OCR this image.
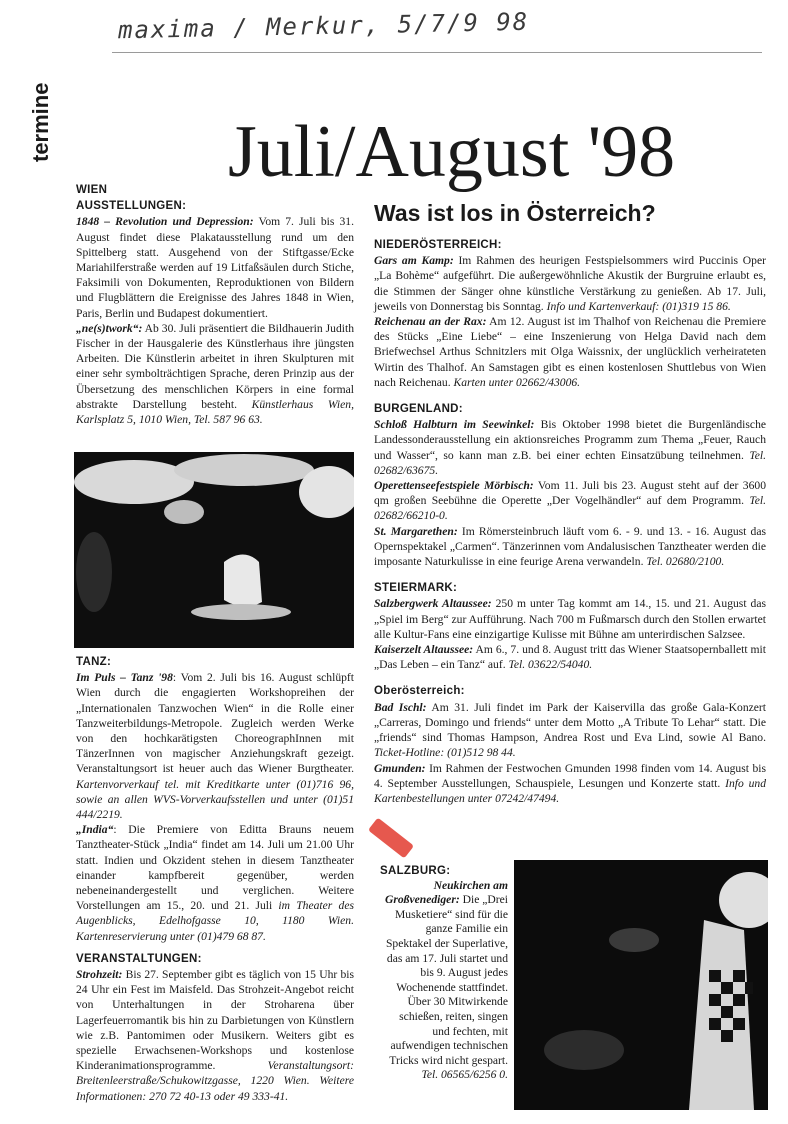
maxima / Merkur, 5/7/9 98
termine Juli/August '98
Was ist los in Österreich?
WIEN
AUSSTELLUNGEN:

1848 – Revolution und Depression: Vom 7. Juli bis 31. August findet diese Plakatausstellung rund um den Spittelberg statt. Ausgehend von der Stiftgasse/Ecke Mariahilferstraße werden auf 19 Litfaßsäulen durch Stiche, Faksimili von Dokumenten, Reproduktionen von Bildern und Flugblättern die Ereignisse des Jahres 1848 in Wien, Paris, Berlin und Budapest dokumentiert.

„ne(s)twork“: Ab 30. Juli präsentiert die Bildhauerin Judith Fischer in der Hausgalerie des Künstlerhaus ihre jüngsten Arbeiten. Die Künstlerin arbeitet in ihren Skulpturen mit einer sehr symbolträchtigen Sprache, deren Prinzip aus der Übersetzung des menschlichen Körpers in eine formal abstrakte Darstellung besteht. Künstlerhaus Wien, Karlsplatz 5, 1010 Wien, Tel. 587 96 63.

TANZ:

Im Puls – Tanz '98: Vom 2. Juli bis 16. August schlüpft Wien durch die engagierten Workshopreihen der „Internationalen Tanzwochen Wien“ in die Rolle einer Tanzweiterbildungs-Metropole. Zugleich werden Werke von den hochkarätigsten ChoreographInnen mit TänzerInnen von magischer Anziehungskraft gezeigt. Veranstaltungsort ist heuer auch das Wiener Burgtheater. Kartenvorverkauf tel. mit Kreditkarte unter (01)716 96, sowie an allen WVS-Vorverkaufsstellen und unter (01)51 444/2219.

„India“: Die Premiere von Editta Brauns neuem Tanztheater-Stück „India“ findet am 14. Juli um 21.00 Uhr statt. Indien und Okzident stehen in diesem Tanztheater einander kampfbereit gegenüber, werden nebeneinandergestellt und verglichen. Weitere Vorstellungen am 15., 20. und 21. Juli im Theater des Augenblicks, Edelhofgasse 10, 1180 Wien. Kartenreservierung unter (01)479 68 87.

VERANSTALTUNGEN:

Strohzeit: Bis 27. September gibt es täglich von 15 Uhr bis 24 Uhr ein Fest im Maisfeld. Das Strohzeit-Angebot reicht von Unterhaltungen in der Stroharena über Lagerfeuerromantik bis hin zu Darbietungen von Künstlern wie z.B. Pantomimen oder Musikern. Weiters gibt es spezielle Erwachsenen-Workshops und kostenlose Kinderanimationsprogramme. Veranstaltungsort: Breitenleerstraße/Schukowitzgasse, 1220 Wien. Weitere Informationen: 270 72 40-13 oder 49 333-41.

NIEDERÖSTERREICH:

Gars am Kamp: Im Rahmen des heurigen Festspielsommers wird Puccinis Oper „La Bohème“ aufgeführt. Die außergewöhnliche Akustik der Burgruine erlaubt es, die Stimmen der Sänger ohne künstliche Verstärkung zu genießen. Ab 17. Juli, jeweils von Donnerstag bis Sonntag. Info und Kartenverkauf: (01)319 15 86.

Reichenau an der Rax: Am 12. August ist im Thalhof von Reichenau die Premiere des Stücks „Eine Liebe“ – eine Inszenierung von Helga David nach dem Briefwechsel Arthus Schnitzlers mit Olga Waissnix, der unglücklich verheirateten Wirtin des Thalhof. An Samstagen gibt es einen kostenlosen Shuttlebus von Wien nach Reichenau. Karten unter 02662/43006.

BURGENLAND:

Schloß Halbturn im Seewinkel: Bis Oktober 1998 bietet die Burgenländische Landessonderausstellung ein aktionsreiches Programm zum Thema „Feuer, Rauch und Wasser“, so kann man z.B. bei einer echten Einsatzübung teilnehmen. Tel. 02682/63675.

Operettenseefestspiele Mörbisch: Vom 11. Juli bis 23. August steht auf der 3600 qm großen Seebühne die Operette „Der Vogelhändler“ auf dem Programm. Tel. 02682/66210-0.

St. Margarethen: Im Römersteinbruch läuft vom 6. - 9. und 13. - 16. August das Opernspektakel „Carmen“. Tänzerinnen vom Andalusischen Tanztheater werden die imposante Naturkulisse in eine feurige Arena verwandeln. Tel. 02680/2100.

STEIERMARK:

Salzbergwerk Altaussee: 250 m unter Tag kommt am 14., 15. und 21. August das „Spiel im Berg“ zur Aufführung. Nach 700 m Fußmarsch durch den Stollen erwartet alle Kultur-Fans eine einzigartige Kulisse mit Bühne am unterirdischen Salzsee.

Kaiserzelt Altaussee: Am 6., 7. und 8. August tritt das Wiener Staatsopernballett mit „Das Leben – ein Tanz“ auf. Tel. 03622/54040.

Oberösterreich:

Bad Ischl: Am 31. Juli findet im Park der Kaiservilla das große Gala-Konzert „Carreras, Domingo und friends“ unter dem Motto „A Tribute To Lehar“ statt. Die „friends“ sind Thomas Hampson, Andrea Rost und Eva Lind, sowie Al Bano. Ticket-Hotline: (01)512 98 44.

Gmunden: Im Rahmen der Festwochen Gmunden 1998 finden vom 14. August bis 4. September Ausstellungen, Schauspiele, Lesungen und Konzerte statt. Info und Kartenbestellungen unter 07242/47494.

SALZBURG:

Neukirchen am Großvenediger: Die „Drei Musketiere“ sind für die ganze Familie ein Spektakel der Superlative, das am 17. Juli startet und bis 9. August jedes Wochenende stattfindet. Über 30 Mitwirkende schießen, reiten, singen und fechten, mit aufwendigen technischen Tricks wird nicht gespart. Tel. 06565/6256 0.
